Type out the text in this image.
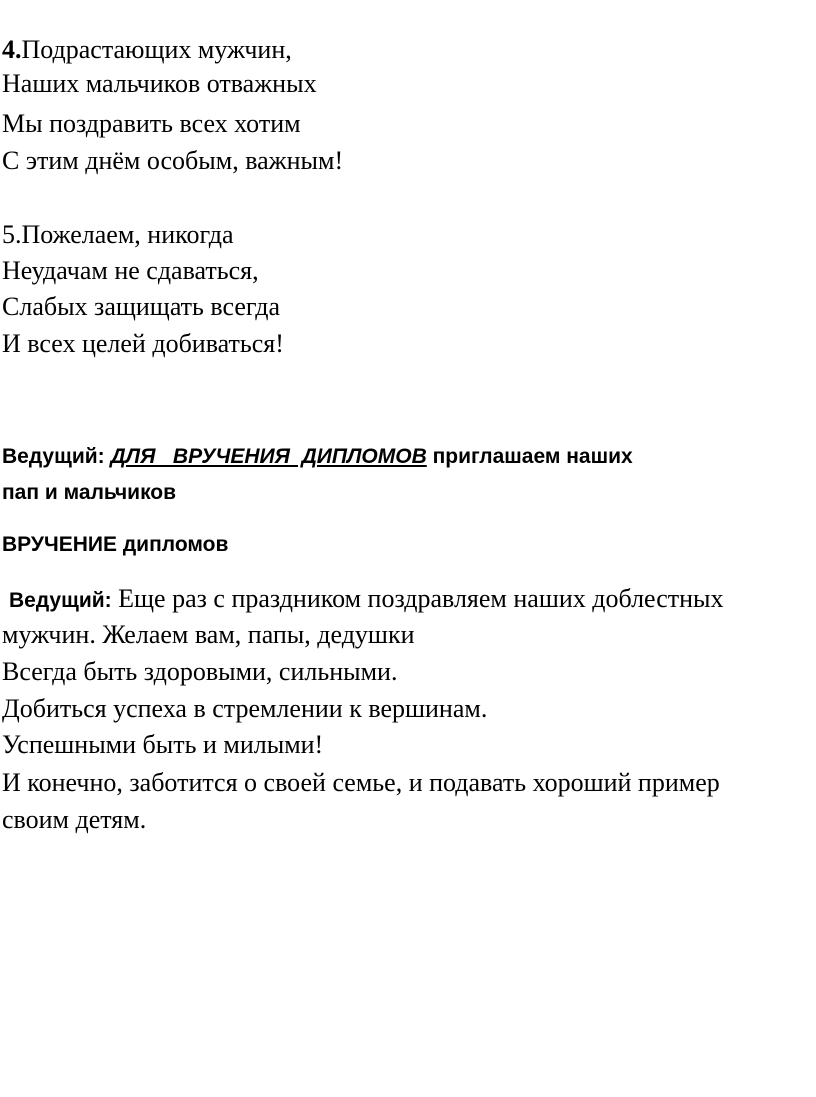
4.Подрастающих мужчин,
Наших мальчиков отважных
Мы поздравить всех хотим
С этим днём особым, важным!
5.Пожелаем, никогда
Неудачам не сдаваться,
Слабых защищать всегда
И всех целей добиваться!
Ведущий: ДЛЯ   ВРУЧЕНИЯ  ДИПЛОМОВ приглашаем наших
пап и мальчиков
ВРУЧЕНИЕ дипломов
Ведущий: Еще раз с праздником поздравляем наших доблестных
мужчин. Желаем вам, папы, дедушки
Всегда быть здоровыми, сильными.
Добиться успеха в стремлении к вершинам.
Успешными быть и милыми!
И конечно, заботится о своей семье, и подавать хороший пример
своим детям.
